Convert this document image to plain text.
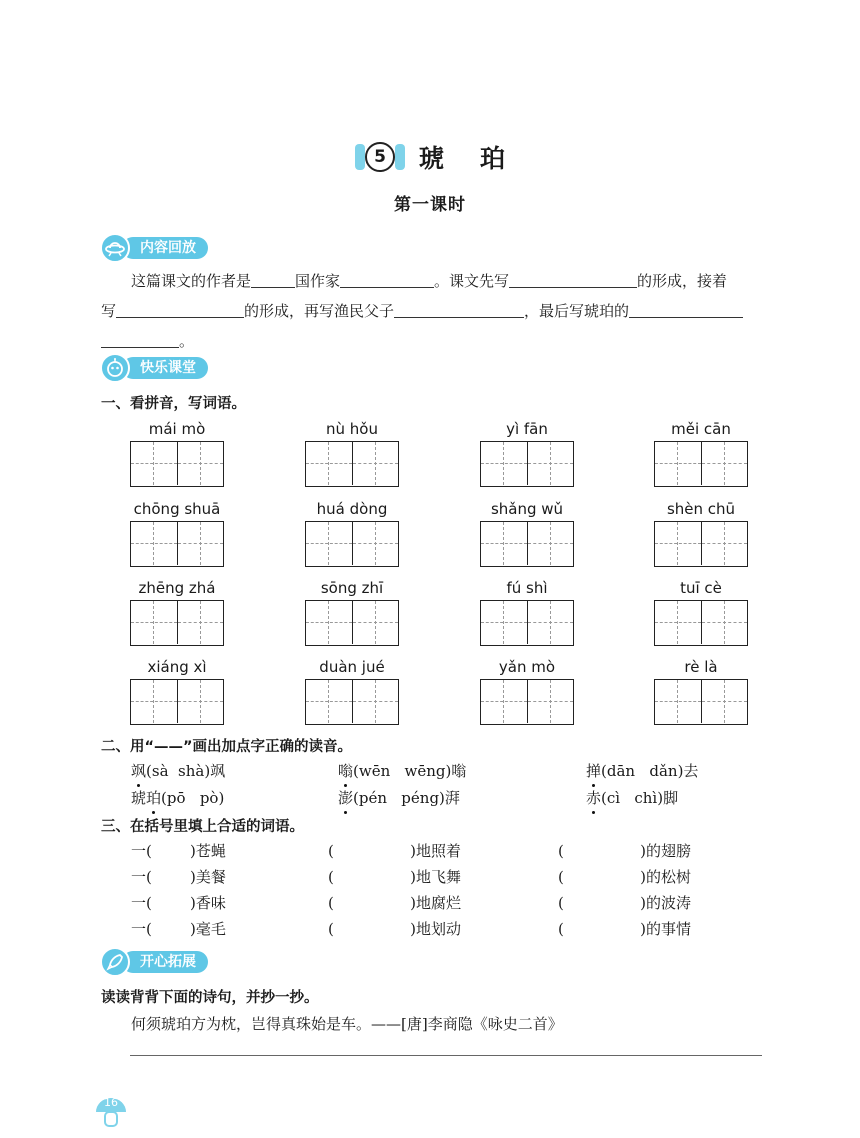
5	琥珀
第一课时
内容回放
这篇课文的作者是	国作家	。课文先写	的形成，接着
写	的形成，再写渔民父子	，最后写琥珀的
。
快乐课堂
一、看拼音，写词语。
mái mò	nù hǒu	yì fān	měi cān
chōng shuā	huá dòng	shǎng wǔ	shèn chū
zhēng zhá	sōng zhī	fú shì	tuī cè
xiáng xì	duàn jué	yǎn mò	rè là
二、用“——”画出加点字正确的读音。
飒(sà  shà)飒	嗡(wēn   wēng)嗡	掸(dān   dǎn)去
琥珀(pō   pò)	澎(pén   péng)湃	赤(cì   chì)脚
三、在括号里填上合适的词语。
一(        )苍蝇	(                )地照着	(                )的翅膀
一(        )美餐	(                )地飞舞	(                )的松树
一(        )香味	(                )地腐烂	(                )的波涛
一(        )毫毛	(                )地划动	(                )的事情
开心拓展
读读背背下面的诗句，并抄一抄。
何须琥珀方为枕，岂得真珠始是车。——[唐]李商隐《咏史二首》
16
